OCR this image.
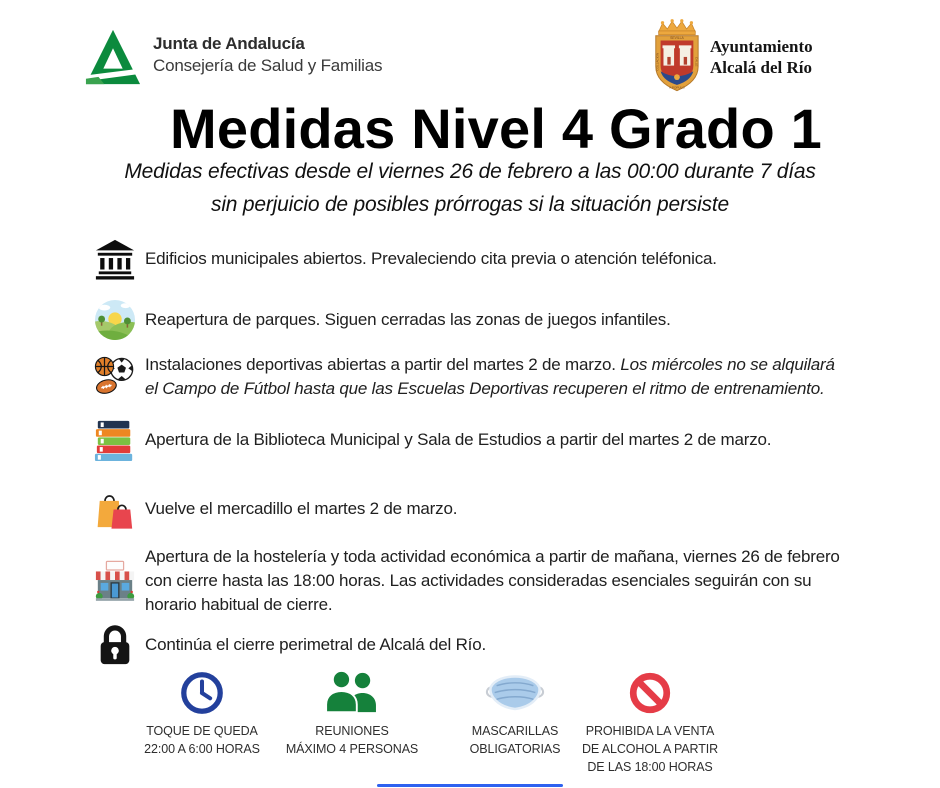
Junta de Andalucía
Consejería de Salud y Familias
SEVILLA
COLLACION	CALLE
A POPULO
Ayuntamiento
Alcalá del Río
Medidas Nivel 4 Grado 1
Medidas efectivas desde el viernes 26 de febrero a las 00:00 durante 7 días
sin perjuicio de posibles prórrogas si la situación persiste

Edificios municipales abiertos. Prevaleciendo cita previa o atención teléfonica.

Reapertura de parques. Siguen cerradas las zonas de juegos infantiles.

Instalaciones deportivas abiertas a partir del martes 2 de marzo. Los miércoles no se alquilará el Campo de Fútbol hasta que las Escuelas Deportivas recuperen el ritmo de entrenamiento.

Apertura de la Biblioteca Municipal y Sala de Estudios a partir del martes 2 de marzo.

Vuelve el mercadillo el martes 2 de marzo.

Apertura de la hostelería y toda actividad económica a partir de mañana, viernes 26 de febrero con cierre hasta las 18:00 horas. Las actividades consideradas esenciales seguirán con su horario habitual de cierre.

Continúa el cierre perimetral de Alcalá del Río.

TOQUE DE QUEDA
22:00 A 6:00 HORAS
REUNIONES
MÁXIMO 4 PERSONAS
MASCARILLAS
OBLIGATORIAS
PROHIBIDA LA VENTA
DE ALCOHOL A PARTIR
DE LAS 18:00 HORAS
